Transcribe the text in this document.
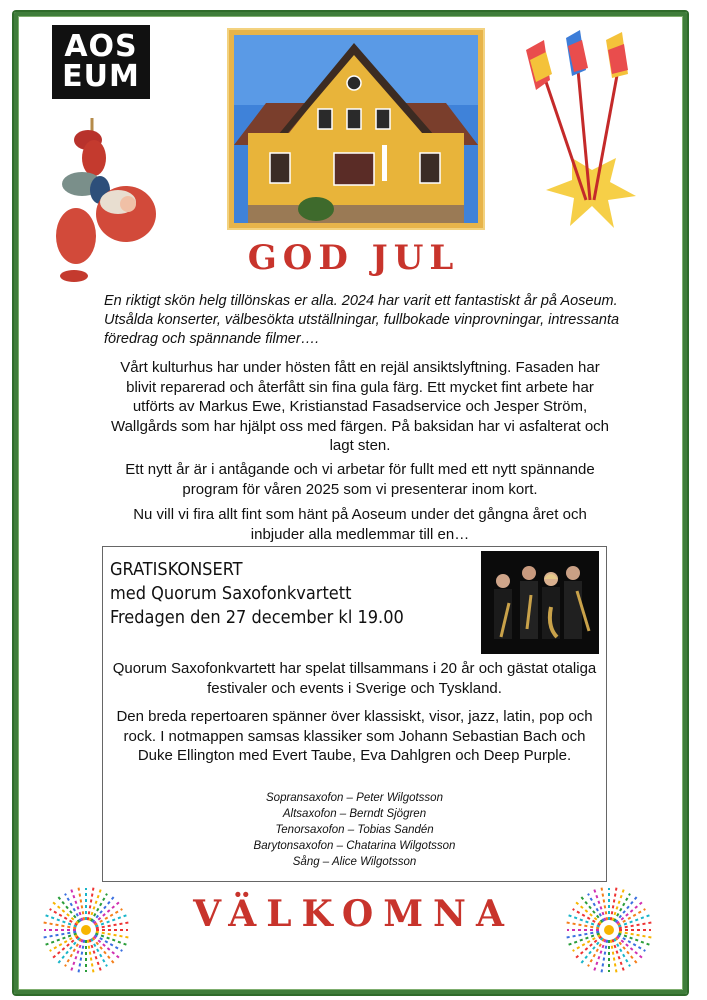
AOS
EUM
GOD JUL
En riktigt skön helg tillönskas er alla. 2024 har varit ett fantastiskt år på Aoseum. Utsålda konserter, välbesökta utställningar, fullbokade vinprovningar, intressanta föredrag och spännande filmer….
Vårt kulturhus har under hösten fått en rejäl ansiktslyftning. Fasaden har blivit reparerad och återfått sin fina gula färg. Ett mycket fint arbete har utförts av Markus Ewe, Kristianstad Fasadservice och Jesper Ström, Wallgårds som har hjälpt oss med färgen. På baksidan har vi asfalterat och lagt sten.
Ett nytt år är i antågande och vi arbetar för fullt med ett nytt spännande program för våren 2025 som vi presenterar inom kort.
Nu vill vi fira allt fint som hänt på Aoseum under det gångna året och inbjuder alla medlemmar till en…
GRATISKONSERT
med Quorum Saxofonkvartett
Fredagen den 27 december kl 19.00

Quorum Saxofonkvartett har spelat tillsammans i 20 år och gästat otaliga festivaler och events i Sverige och Tyskland.

Den breda repertoaren spänner över klassiskt, visor, jazz, latin, pop och rock. I notmappen samsas klassiker som Johann Sebastian Bach och Duke Ellington med Evert Taube, Eva Dahlgren och Deep Purple.

Sopransaxofon – Peter Wilgotsson
Altsaxofon – Berndt Sjögren
Tenorsaxofon – Tobias Sandén
Barytonsaxofon – Chatarina Wilgotsson
Sång – Alice Wilgotsson
VÄLKOMNA
